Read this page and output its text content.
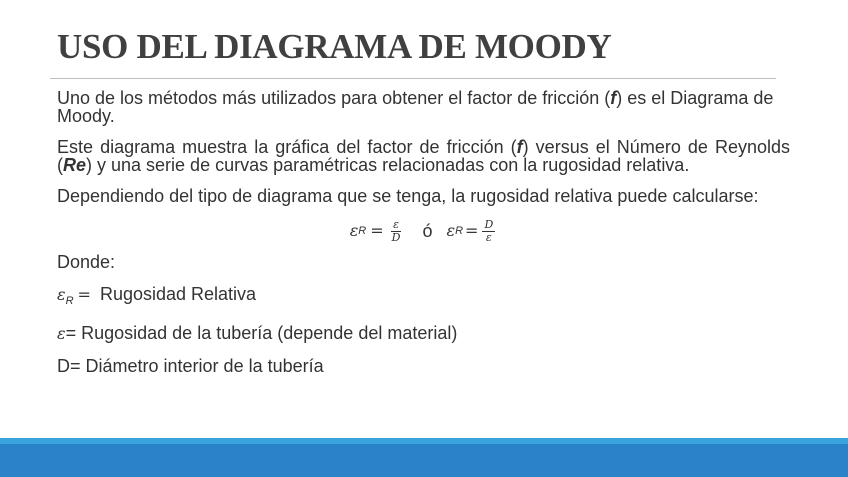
USO DEL DIAGRAMA DE MOODY

Uno de los métodos más utilizados para obtener el factor de fricción (f) es el Diagrama de Moody.

Este diagrama muestra la gráfica del factor de fricción (f) versus el Número de Reynolds (Re) y una serie de curvas paramétricas relacionadas con la rugosidad relativa.

Dependiendo del tipo de diagrama que se tenga, la rugosidad relativa puede calcularse:

ε $R = \frac{\varepsilon}{D}$ ó ε $R = \frac{D}{\varepsilon}$

Donde:

$\varepsilon_R$ = Rugosidad Relativa

ε= Rugosidad de la tubería (depende del material)

D= Diámetro interior de la tubería
